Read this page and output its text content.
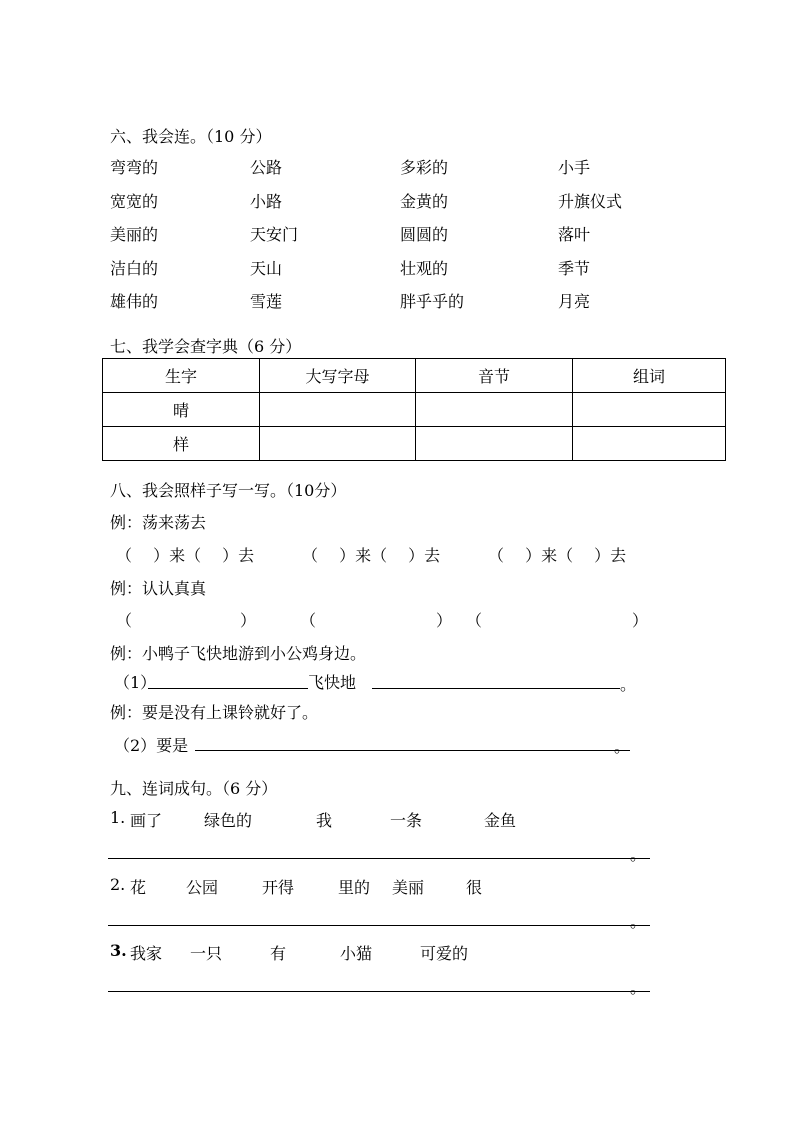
六、我会连。（10 分）
弯弯的	公路	多彩的	小手
宽宽的	小路	金黄的	升旗仪式
美丽的	天安门	圆圆的	落叶
洁白的	天山	壮观的	季节
雄伟的	雪莲	胖乎乎的	月亮
七、我学会查字典（6 分）
生字	大写字母	音节	组词
晴			
样			
八、我会照样子写一写。（10分）
例：荡来荡去
（　 ）来（　 ）去	（　 ）来（　 ）去	（　 ）来（　 ）去
例：认认真真
（	）	（	） （	）
例：小鸭子飞快地游到小公鸡身边。
（1）	飞快地	。
例：要是没有上课铃就好了。
（2）要是	。
九、连词成句。（6 分）
1. 画了	绿色的	我	一条	金鱼
。
2. 花 公园	开得	里的 美丽	很
。
3. 我家 一只	有	小猫	可爱的
。
